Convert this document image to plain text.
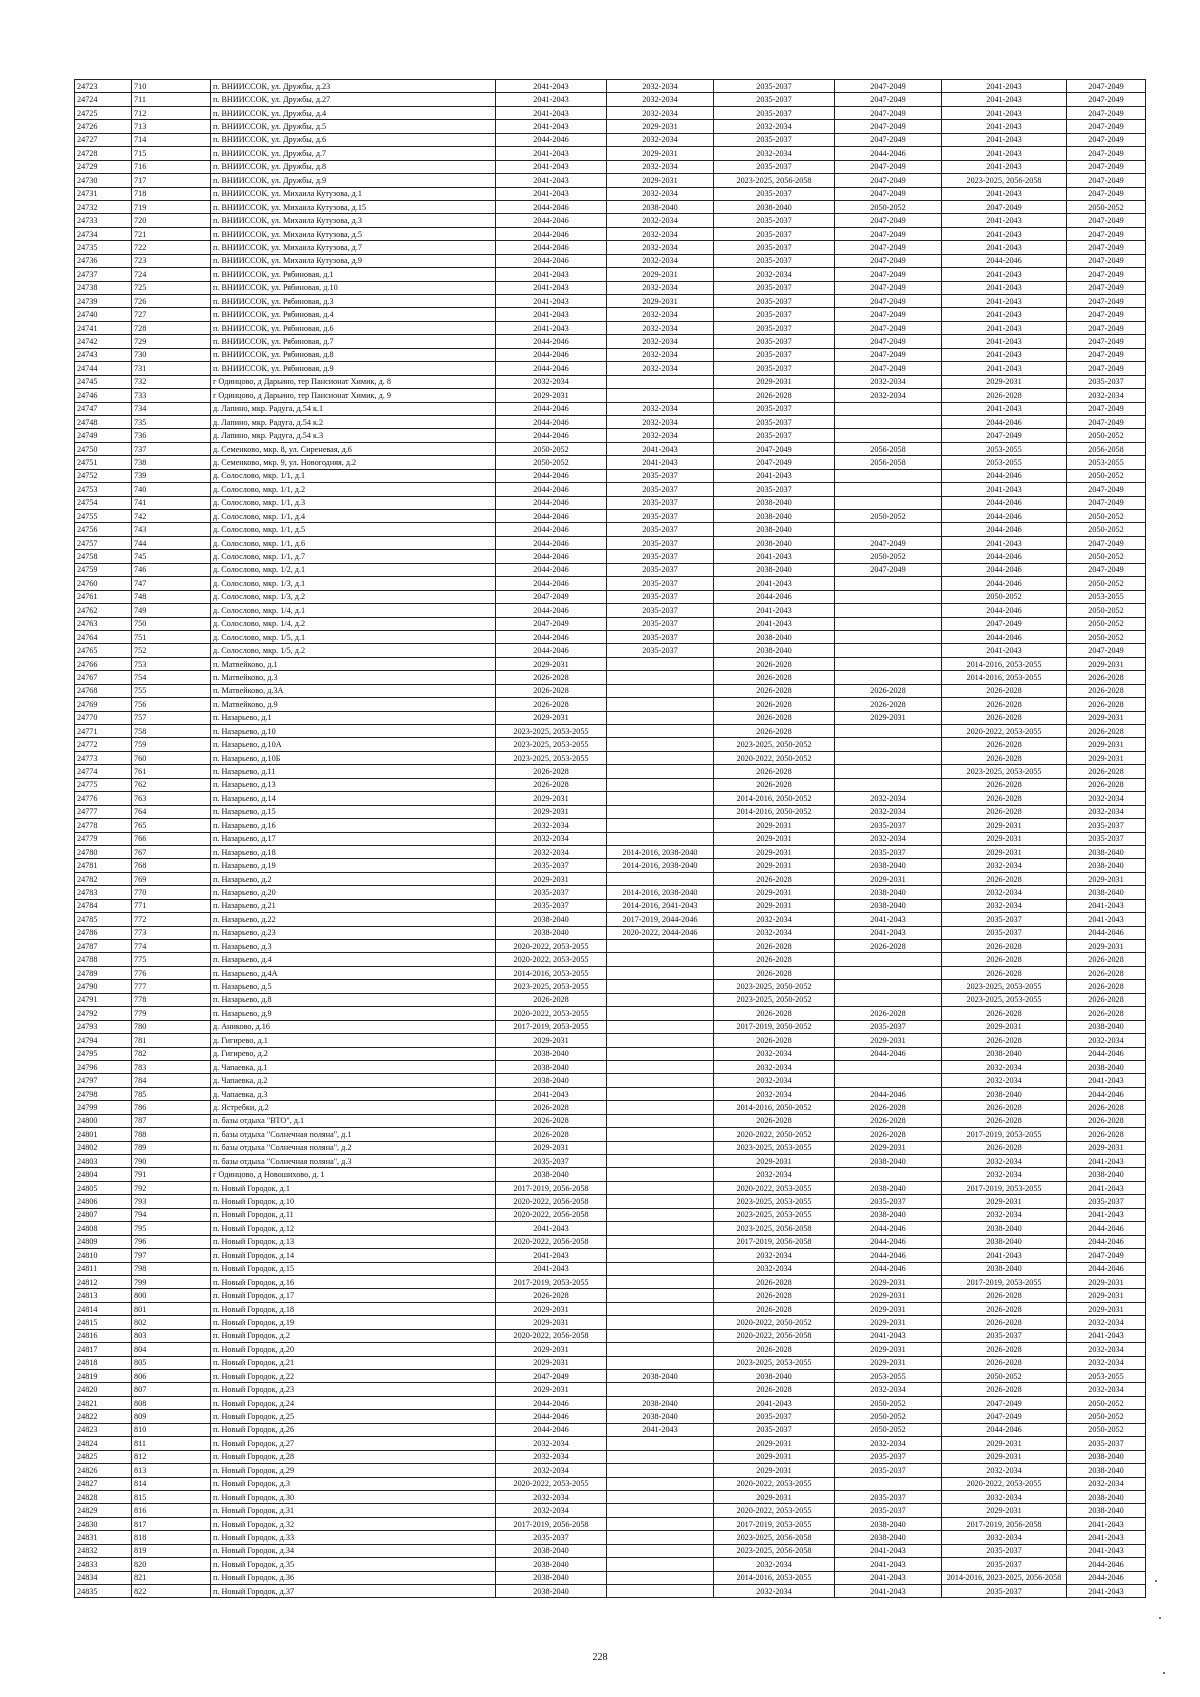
24723	710	п. ВНИИССОК, ул. Дружбы, д.23	2041-2043	2032-2034	2035-2037	2047-2049	2041-2043	2047-2049
24724	711	п. ВНИИССОК, ул. Дружбы, д.27	2041-2043	2032-2034	2035-2037	2047-2049	2041-2043	2047-2049
24725	712	п. ВНИИССОК, ул. Дружбы, д.4	2041-2043	2032-2034	2035-2037	2047-2049	2041-2043	2047-2049
24726	713	п. ВНИИССОК, ул. Дружбы, д.5	2041-2043	2029-2031	2032-2034	2047-2049	2041-2043	2047-2049
24727	714	п. ВНИИССОК, ул. Дружбы, д.6	2044-2046	2032-2034	2035-2037	2047-2049	2041-2043	2047-2049
24728	715	п. ВНИИССОК, ул. Дружбы, д.7	2041-2043	2029-2031	2032-2034	2044-2046	2041-2043	2047-2049
24729	716	п. ВНИИССОК, ул. Дружбы, д.8	2041-2043	2032-2034	2035-2037	2047-2049	2041-2043	2047-2049
24730	717	п. ВНИИССОК, ул. Дружбы, д.9	2041-2043	2029-2031	2023-2025, 2056-2058	2047-2049	2023-2025, 2056-2058	2047-2049
24731	718	п. ВНИИССОК, ул. Михаила Кутузова, д.1	2041-2043	2032-2034	2035-2037	2047-2049	2041-2043	2047-2049
24732	719	п. ВНИИССОК, ул. Михаила Кутузова, д.15	2044-2046	2038-2040	2038-2040	2050-2052	2047-2049	2050-2052
24733	720	п. ВНИИССОК, ул. Михаила Кутузова, д.3	2044-2046	2032-2034	2035-2037	2047-2049	2041-2043	2047-2049
24734	721	п. ВНИИССОК, ул. Михаила Кутузова, д.5	2044-2046	2032-2034	2035-2037	2047-2049	2041-2043	2047-2049
24735	722	п. ВНИИССОК, ул. Михаила Кутузова, д.7	2044-2046	2032-2034	2035-2037	2047-2049	2041-2043	2047-2049
24736	723	п. ВНИИССОК, ул. Михаила Кутузова, д.9	2044-2046	2032-2034	2035-2037	2047-2049	2044-2046	2047-2049
24737	724	п. ВНИИССОК, ул. Рябиновая, д.1	2041-2043	2029-2031	2032-2034	2047-2049	2041-2043	2047-2049
24738	725	п. ВНИИССОК, ул. Рябиновая, д.10	2041-2043	2032-2034	2035-2037	2047-2049	2041-2043	2047-2049
24739	726	п. ВНИИССОК, ул. Рябиновая, д.3	2041-2043	2029-2031	2035-2037	2047-2049	2041-2043	2047-2049
24740	727	п. ВНИИССОК, ул. Рябиновая, д.4	2041-2043	2032-2034	2035-2037	2047-2049	2041-2043	2047-2049
24741	728	п. ВНИИССОК, ул. Рябиновая, д.6	2041-2043	2032-2034	2035-2037	2047-2049	2041-2043	2047-2049
24742	729	п. ВНИИССОК, ул. Рябиновая, д.7	2044-2046	2032-2034	2035-2037	2047-2049	2041-2043	2047-2049
24743	730	п. ВНИИССОК, ул. Рябиновая, д.8	2044-2046	2032-2034	2035-2037	2047-2049	2041-2043	2047-2049
24744	731	п. ВНИИССОК, ул. Рябиновая, д.9	2044-2046	2032-2034	2035-2037	2047-2049	2041-2043	2047-2049
24745	732	г Одинцово, д Дарьино, тер Пансионат Химик, д. 8	2032-2034		2029-2031	2032-2034	2029-2031	2035-2037
24746	733	г Одинцово, д Дарьино, тер Пансионат Химик, д. 9	2029-2031		2026-2028	2032-2034	2026-2028	2032-2034
24747	734	д. Лапино, мкр. Радуга, д.54 к.1	2044-2046	2032-2034	2035-2037		2041-2043	2047-2049
24748	735	д. Лапино, мкр. Радуга, д.54 к.2	2044-2046	2032-2034	2035-2037		2044-2046	2047-2049
24749	736	д. Лапино, мкр. Радуга, д.54 к.3	2044-2046	2032-2034	2035-2037		2047-2049	2050-2052
24750	737	д. Семенково, мкр. 8, ул. Сиреневая, д.6	2050-2052	2041-2043	2047-2049	2056-2058	2053-2055	2056-2058
24751	738	д. Семенково, мкр. 9, ул. Новогодняя, д.2	2050-2052	2041-2043	2047-2049	2056-2058	2053-2055	2053-2055
24752	739	д. Солослово, мкр. 1/1, д.1	2044-2046	2035-2037	2041-2043		2044-2046	2050-2052
24753	740	д. Солослово, мкр. 1/1, д.2	2044-2046	2035-2037	2035-2037		2041-2043	2047-2049
24754	741	д. Солослово, мкр. 1/1, д.3	2044-2046	2035-2037	2038-2040		2044-2046	2047-2049
24755	742	д. Солослово, мкр. 1/1, д.4	2044-2046	2035-2037	2038-2040	2050-2052	2044-2046	2050-2052
24756	743	д. Солослово, мкр. 1/1, д.5	2044-2046	2035-2037	2038-2040		2044-2046	2050-2052
24757	744	д. Солослово, мкр. 1/1, д.6	2044-2046	2035-2037	2038-2040	2047-2049	2041-2043	2047-2049
24758	745	д. Солослово, мкр. 1/1, д.7	2044-2046	2035-2037	2041-2043	2050-2052	2044-2046	2050-2052
24759	746	д. Солослово, мкр. 1/2, д.1	2044-2046	2035-2037	2038-2040	2047-2049	2044-2046	2047-2049
24760	747	д. Солослово, мкр. 1/3, д.1	2044-2046	2035-2037	2041-2043		2044-2046	2050-2052
24761	748	д. Солослово, мкр. 1/3, д.2	2047-2049	2035-2037	2044-2046		2050-2052	2053-2055
24762	749	д. Солослово, мкр. 1/4, д.1	2044-2046	2035-2037	2041-2043		2044-2046	2050-2052
24763	750	д. Солослово, мкр. 1/4, д.2	2047-2049	2035-2037	2041-2043		2047-2049	2050-2052
24764	751	д. Солослово, мкр. 1/5, д.1	2044-2046	2035-2037	2038-2040		2044-2046	2050-2052
24765	752	д. Солослово, мкр. 1/5, д.2	2044-2046	2035-2037	2038-2040		2041-2043	2047-2049
24766	753	п. Матвейково, д.1	2029-2031		2026-2028		2014-2016, 2053-2055	2029-2031
24767	754	п. Матвейково, д.3	2026-2028		2026-2028		2014-2016, 2053-2055	2026-2028
24768	755	п. Матвейково, д.3А	2026-2028		2026-2028	2026-2028	2026-2028	2026-2028
24769	756	п. Матвейково, д.9	2026-2028		2026-2028	2026-2028	2026-2028	2026-2028
24770	757	п. Назарьево, д.1	2029-2031		2026-2028	2029-2031	2026-2028	2029-2031
24771	758	п. Назарьево, д.10	2023-2025, 2053-2055		2026-2028		2020-2022, 2053-2055	2026-2028
24772	759	п. Назарьево, д.10А	2023-2025, 2053-2055		2023-2025, 2050-2052		2026-2028	2029-2031
24773	760	п. Назарьево, д.10Б	2023-2025, 2053-2055		2020-2022, 2050-2052		2026-2028	2029-2031
24774	761	п. Назарьево, д.11	2026-2028		2026-2028		2023-2025, 2053-2055	2026-2028
24775	762	п. Назарьево, д.13	2026-2028		2026-2028		2026-2028	2026-2028
24776	763	п. Назарьево, д.14	2029-2031		2014-2016, 2050-2052	2032-2034	2026-2028	2032-2034
24777	764	п. Назарьево, д.15	2029-2031		2014-2016, 2050-2052	2032-2034	2026-2028	2032-2034
24778	765	п. Назарьево, д.16	2032-2034		2029-2031	2035-2037	2029-2031	2035-2037
24779	766	п. Назарьево, д.17	2032-2034		2029-2031	2032-2034	2029-2031	2035-2037
24780	767	п. Назарьево, д.18	2032-2034	2014-2016, 2038-2040	2029-2031	2035-2037	2029-2031	2038-2040
24781	768	п. Назарьево, д.19	2035-2037	2014-2016, 2038-2040	2029-2031	2038-2040	2032-2034	2038-2040
24782	769	п. Назарьево, д.2	2029-2031		2026-2028	2029-2031	2026-2028	2029-2031
24783	770	п. Назарьево, д.20	2035-2037	2014-2016, 2038-2040	2029-2031	2038-2040	2032-2034	2038-2040
24784	771	п. Назарьево, д.21	2035-2037	2014-2016, 2041-2043	2029-2031	2038-2040	2032-2034	2041-2043
24785	772	п. Назарьево, д.22	2038-2040	2017-2019, 2044-2046	2032-2034	2041-2043	2035-2037	2041-2043
24786	773	п. Назарьево, д.23	2038-2040	2020-2022, 2044-2046	2032-2034	2041-2043	2035-2037	2044-2046
24787	774	п. Назарьево, д.3	2020-2022, 2053-2055		2026-2028	2026-2028	2026-2028	2029-2031
24788	775	п. Назарьево, д.4	2020-2022, 2053-2055		2026-2028		2026-2028	2026-2028
24789	776	п. Назарьево, д.4А	2014-2016, 2053-2055		2026-2028		2026-2028	2026-2028
24790	777	п. Назарьево, д.5	2023-2025, 2053-2055		2023-2025, 2050-2052		2023-2025, 2053-2055	2026-2028
24791	778	п. Назарьево, д.8	2026-2028		2023-2025, 2050-2052		2023-2025, 2053-2055	2026-2028
24792	779	п. Назарьево, д.9	2020-2022, 2053-2055		2026-2028	2026-2028	2026-2028	2026-2028
24793	780	д. Аниково, д.16	2017-2019, 2053-2055		2017-2019, 2050-2052	2035-2037	2029-2031	2038-2040
24794	781	д. Гигирево, д.1	2029-2031		2026-2028	2029-2031	2026-2028	2032-2034
24795	782	д. Гигирево, д.2	2038-2040		2032-2034	2044-2046	2038-2040	2044-2046
24796	783	д. Чапаевка, д.1	2038-2040		2032-2034		2032-2034	2038-2040
24797	784	д. Чапаевка, д.2	2038-2040		2032-2034		2032-2034	2041-2043
24798	785	д. Чапаевка, д.3	2041-2043		2032-2034	2044-2046	2038-2040	2044-2046
24799	786	д. Ястребки, д.2	2026-2028		2014-2016, 2050-2052	2026-2028	2026-2028	2026-2028
24800	787	п. базы отдыха "ВТО", д.1	2026-2028		2026-2028	2026-2028	2026-2028	2026-2028
24801	788	п. базы отдыха "Солнечная поляна", д.1	2026-2028		2020-2022, 2050-2052	2026-2028	2017-2019, 2053-2055	2026-2028
24802	789	п. базы отдыха "Солнечная поляна", д.2	2029-2031		2023-2025, 2053-2055	2029-2031	2026-2028	2029-2031
24803	790	п. базы отдыха "Солнечная поляна", д.3	2035-2037		2029-2031	2038-2040	2032-2034	2041-2043
24804	791	г Одинцово, д Новошихово, д. 1	2038-2040		2032-2034		2032-2034	2038-2040
24805	792	п. Новый Городок, д.1	2017-2019, 2056-2058		2020-2022, 2053-2055	2038-2040	2017-2019, 2053-2055	2041-2043
24806	793	п. Новый Городок, д.10	2020-2022, 2056-2058		2023-2025, 2053-2055	2035-2037	2029-2031	2035-2037
24807	794	п. Новый Городок, д.11	2020-2022, 2056-2058		2023-2025, 2053-2055	2038-2040	2032-2034	2041-2043
24808	795	п. Новый Городок, д.12	2041-2043		2023-2025, 2056-2058	2044-2046	2038-2040	2044-2046
24809	796	п. Новый Городок, д.13	2020-2022, 2056-2058		2017-2019, 2056-2058	2044-2046	2038-2040	2044-2046
24810	797	п. Новый Городок, д.14	2041-2043		2032-2034	2044-2046	2041-2043	2047-2049
24811	798	п. Новый Городок, д.15	2041-2043		2032-2034	2044-2046	2038-2040	2044-2046
24812	799	п. Новый Городок, д.16	2017-2019, 2053-2055		2026-2028	2029-2031	2017-2019, 2053-2055	2029-2031
24813	800	п. Новый Городок, д.17	2026-2028		2026-2028	2029-2031	2026-2028	2029-2031
24814	801	п. Новый Городок, д.18	2029-2031		2026-2028	2029-2031	2026-2028	2029-2031
24815	802	п. Новый Городок, д.19	2029-2031		2020-2022, 2050-2052	2029-2031	2026-2028	2032-2034
24816	803	п. Новый Городок, д.2	2020-2022, 2056-2058		2020-2022, 2056-2058	2041-2043	2035-2037	2041-2043
24817	804	п. Новый Городок, д.20	2029-2031		2026-2028	2029-2031	2026-2028	2032-2034
24818	805	п. Новый Городок, д.21	2029-2031		2023-2025, 2053-2055	2029-2031	2026-2028	2032-2034
24819	806	п. Новый Городок, д.22	2047-2049	2038-2040	2038-2040	2053-2055	2050-2052	2053-2055
24820	807	п. Новый Городок, д.23	2029-2031		2026-2028	2032-2034	2026-2028	2032-2034
24821	808	п. Новый Городок, д.24	2044-2046	2038-2040	2041-2043	2050-2052	2047-2049	2050-2052
24822	809	п. Новый Городок, д.25	2044-2046	2038-2040	2035-2037	2050-2052	2047-2049	2050-2052
24823	810	п. Новый Городок, д.26	2044-2046	2041-2043	2035-2037	2050-2052	2044-2046	2050-2052
24824	811	п. Новый Городок, д.27	2032-2034		2029-2031	2032-2034	2029-2031	2035-2037
24825	812	п. Новый Городок, д.28	2032-2034		2029-2031	2035-2037	2029-2031	2038-2040
24826	813	п. Новый Городок, д.29	2032-2034		2029-2031	2035-2037	2032-2034	2038-2040
24827	814	п. Новый Городок, д.3	2020-2022, 2053-2055		2020-2022, 2053-2055		2020-2022, 2053-2055	2032-2034
24828	815	п. Новый Городок, д.30	2032-2034		2029-2031	2035-2037	2032-2034	2038-2040
24829	816	п. Новый Городок, д.31	2032-2034		2020-2022, 2053-2055	2035-2037	2029-2031	2038-2040
24830	817	п. Новый Городок, д.32	2017-2019, 2056-2058		2017-2019, 2053-2055	2038-2040	2017-2019, 2056-2058	2041-2043
24831	818	п. Новый Городок, д.33	2035-2037		2023-2025, 2056-2058	2038-2040	2032-2034	2041-2043
24832	819	п. Новый Городок, д.34	2038-2040		2023-2025, 2056-2058	2041-2043	2035-2037	2041-2043
24833	820	п. Новый Городок, д.35	2038-2040		2032-2034	2041-2043	2035-2037	2044-2046
24834	821	п. Новый Городок, д.36	2038-2040		2014-2016, 2053-2055	2041-2043	2014-2016, 2023-2025, 2056-2058	2044-2046
24835	822	п. Новый Городок, д.37	2038-2040		2032-2034	2041-2043	2035-2037	2041-2043
228
